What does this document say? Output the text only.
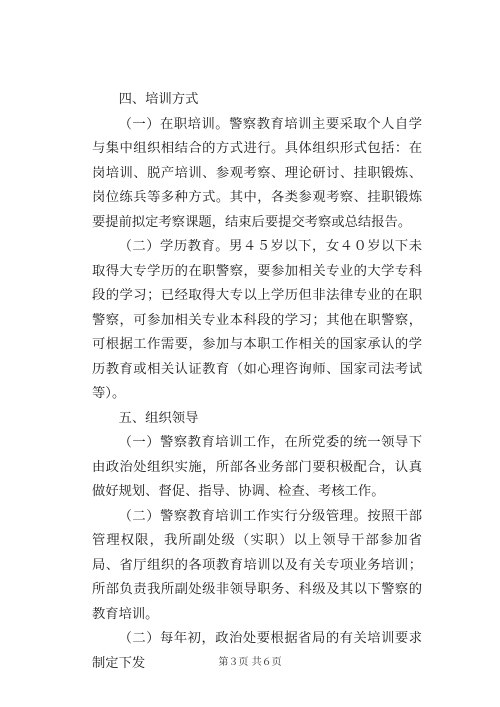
四、培训方式

（一）在职培训。警察教育培训主要采取个人自学与集中组织相结合的方式进行。具体组织形式包括：在岗培训、脱产培训、参观考察、理论研讨、挂职锻炼、岗位练兵等多种方式。其中，各类参观考察、挂职锻炼要提前拟定考察课题，结束后要提交考察或总结报告。

（二）学历教育。男４５岁以下，女４０岁以下未取得大专学历的在职警察，要参加相关专业的大学专科段的学习；已经取得大专以上学历但非法律专业的在职警察，可参加相关专业本科段的学习；其他在职警察，可根据工作需要，参加与本职工作相关的国家承认的学历教育或相关认证教育（如心理咨询师、国家司法考试等）。

五、组织领导

（一）警察教育培训工作，在所党委的统一领导下由政治处组织实施，所部各业务部门要积极配合，认真做好规划、督促、指导、协调、检查、考核工作。

（二）警察教育培训工作实行分级管理。按照干部管理权限，我所副处级（实职）以上领导干部参加省局、省厅组织的各项教育培训以及有关专项业务培训；所部负责我所副处级非领导职务、科级及其以下警察的教育培训。

（二）每年初，政治处要根据省局的有关培训要求制定下发	第３页 共６页
